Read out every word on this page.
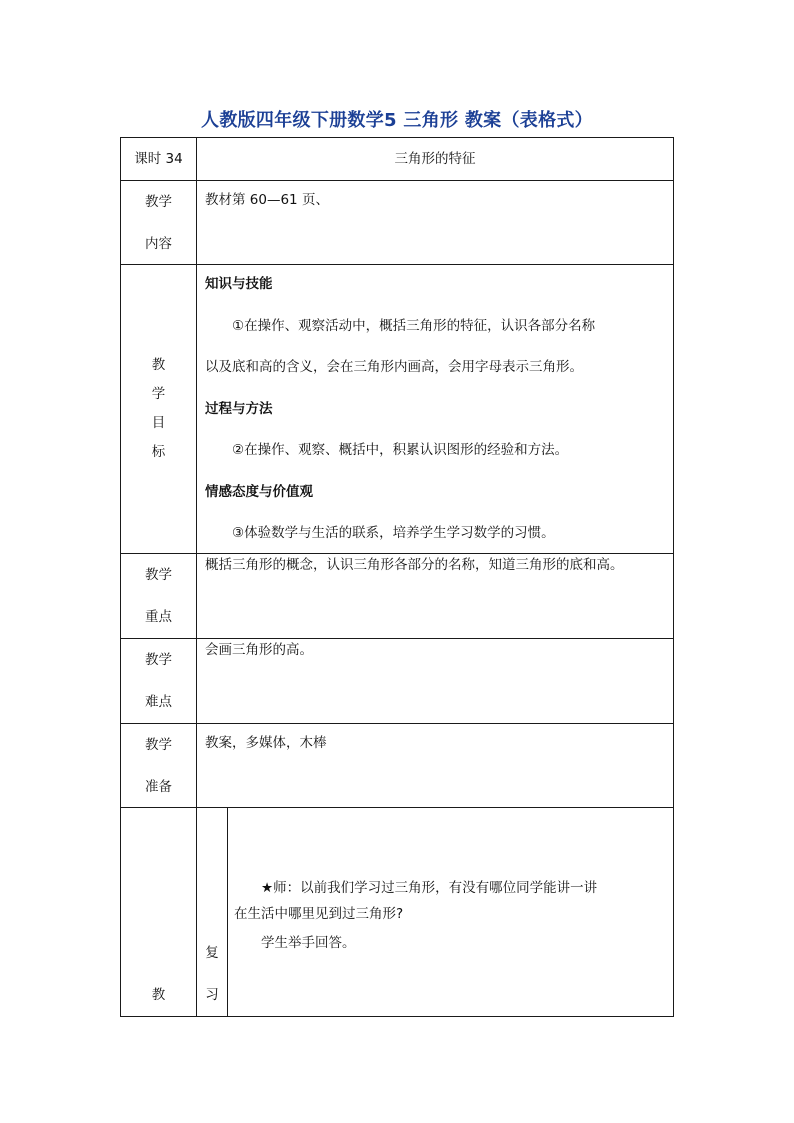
人教版四年级下册数学5 三角形 教案（表格式）
课时 34	三角形的特征
教学
内容
教材第 60—61 页、
教
学
目
标
知识与技能
①在操作、观察活动中，概括三角形的特征，认识各部分名称
以及底和高的含义，会在三角形内画高，会用字母表示三角形。
过程与方法
②在操作、观察、概括中，积累认识图形的经验和方法。
情感态度与价值观
③体验数学与生活的联系，培养学生学习数学的习惯。
教学
重点
概括三角形的概念，认识三角形各部分的名称，知道三角形的底和高。
教学
难点
会画三角形的高。
教学
准备
教案，多媒体，木棒
教
复
习
★师：以前我们学习过三角形，有没有哪位同学能讲一讲
在生活中哪里见到过三角形?
学生举手回答。
